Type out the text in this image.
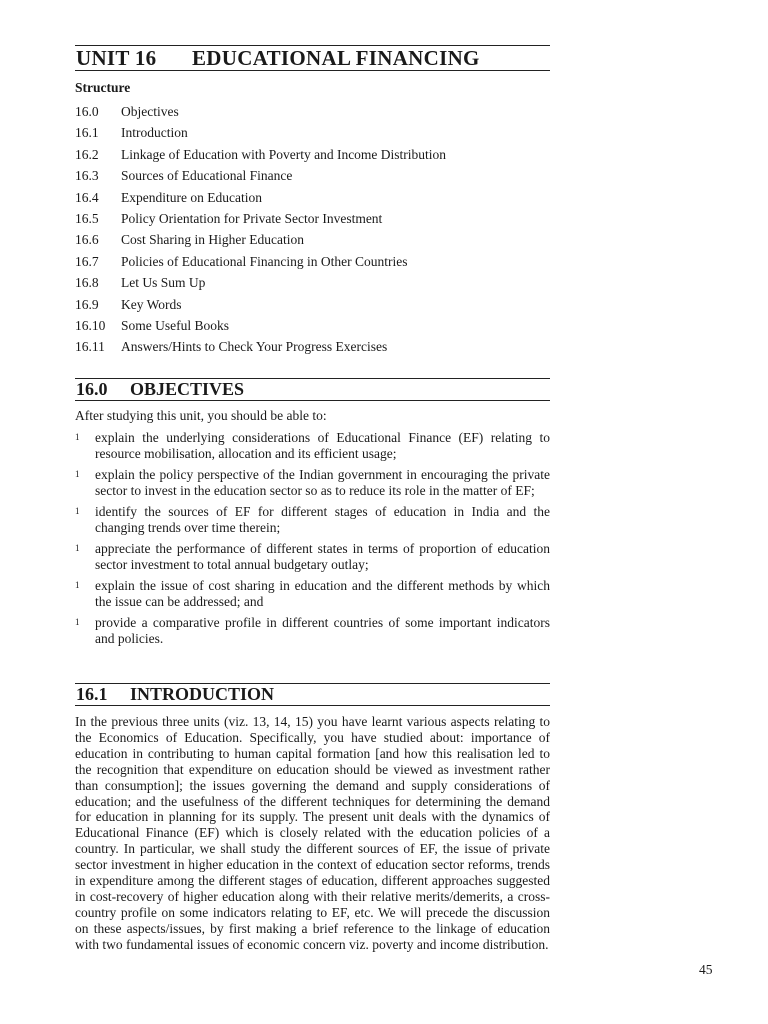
UNIT 16 EDUCATIONAL FINANCING
Structure
16.0 Objectives
16.1 Introduction
16.2 Linkage of Education with Poverty and Income Distribution
16.3 Sources of Educational Finance
16.4 Expenditure on Education
16.5 Policy Orientation for Private Sector Investment
16.6 Cost Sharing in Higher Education
16.7 Policies of Educational Financing in Other Countries
16.8 Let Us Sum Up
16.9 Key Words
16.10 Some Useful Books
16.11 Answers/Hints to Check Your Progress Exercises
16.0 OBJECTIVES
After studying this unit, you should be able to:
1 explain the underlying considerations of Educational Finance (EF) relating to resource mobilisation, allocation and its efficient usage;
1 explain the policy perspective of the Indian government in encouraging the private sector to invest in the education sector so as to reduce its role in the matter of EF;
1 identify the sources of EF for different stages of education in India and the changing trends over time therein;
1 appreciate the performance of different states in terms of proportion of education sector investment to total annual budgetary outlay;
1 explain the issue of cost sharing in education and the different methods by which the issue can be addressed; and
1 provide a comparative profile in different countries of some important indicators and policies.
16.1 INTRODUCTION

In the previous three units (viz. 13, 14, 15) you have learnt various aspects relating to the Economics of Education. Specifically, you have studied about: importance of education in contributing to human capital formation [and how this realisation led to the recognition that expenditure on education should be viewed as investment rather than consumption]; the issues governing the demand and supply considerations of education; and the usefulness of the different techniques for determining the demand for education in planning for its supply. The present unit deals with the dynamics of Educational Finance (EF) which is closely related with the education policies of a country. In particular, we shall study the different sources of EF, the issue of private sector investment in higher education in the context of education sector reforms, trends in expenditure among the different stages of education, different approaches suggested in cost-recovery of higher education along with their relative merits/demerits, a cross-country profile on some indicators relating to EF, etc. We will precede the discussion on these aspects/issues, by first making a brief reference to the linkage of education with two fundamental issues of economic concern viz. poverty and income distribution.

45
